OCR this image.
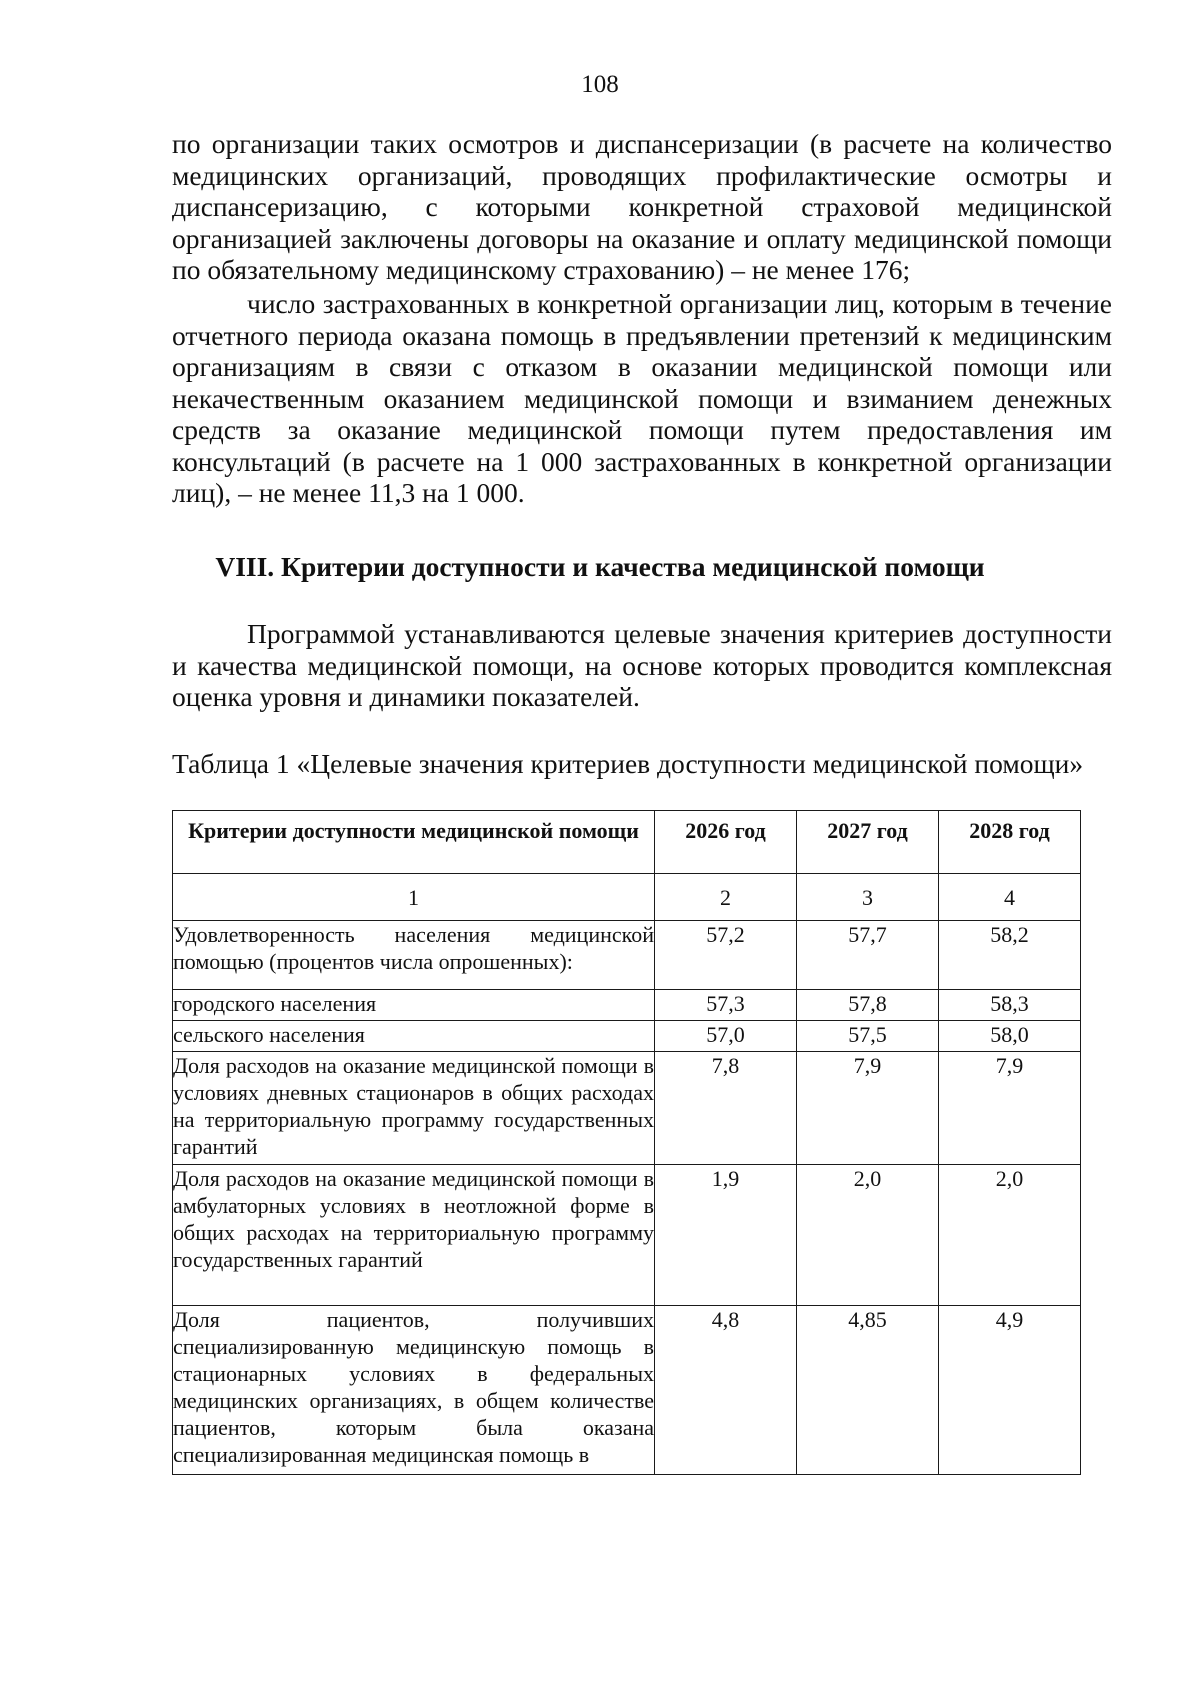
108

по организации таких осмотров и диспансеризации (в расчете на количество медицинских организаций, проводящих профилактические осмотры и диспансеризацию, с которыми конкретной страховой медицинской организацией заключены договоры на оказание и оплату медицинской помощи по обязательному медицинскому страхованию) – не менее 176;

число застрахованных в конкретной организации лиц, которым в течение отчетного периода оказана помощь в предъявлении претензий к медицинским организациям в связи с отказом в оказании медицинской помощи или некачественным оказанием медицинской помощи и взиманием денежных средств за оказание медицинской помощи путем предоставления им консультаций (в расчете на 1 000 застрахованных в конкретной организации лиц), – не менее 11,3 на 1 000.

VIII. Критерии доступности и качества медицинской помощи

Программой устанавливаются целевые значения критериев доступности и качества медицинской помощи, на основе которых проводится комплексная оценка уровня и динамики показателей.

Таблица 1 «Целевые значения критериев доступности медицинской помощи»

Критерии доступности медицинской помощи	2026 год	2027 год	2028 год
1	2	3	4
Удовлетворенность населения медицинской помощью (процентов числа опрошенных):	57,2	57,7	58,2
городского населения	57,3	57,8	58,3
сельского населения	57,0	57,5	58,0
Доля расходов на оказание медицинской помощи в условиях дневных стационаров в общих расходах на территориальную программу государственных гарантий	7,8	7,9	7,9
Доля расходов на оказание медицинской помощи в амбулаторных условиях в неотложной форме в общих расходах на территориальную программу государственных гарантий	1,9	2,0	2,0
Доля пациентов, получивших специализированную медицинскую помощь в стационарных условиях в федеральных медицинских организациях, в общем количестве пациентов, которым была оказана специализированная медицинская помощь в	4,8	4,85	4,9
